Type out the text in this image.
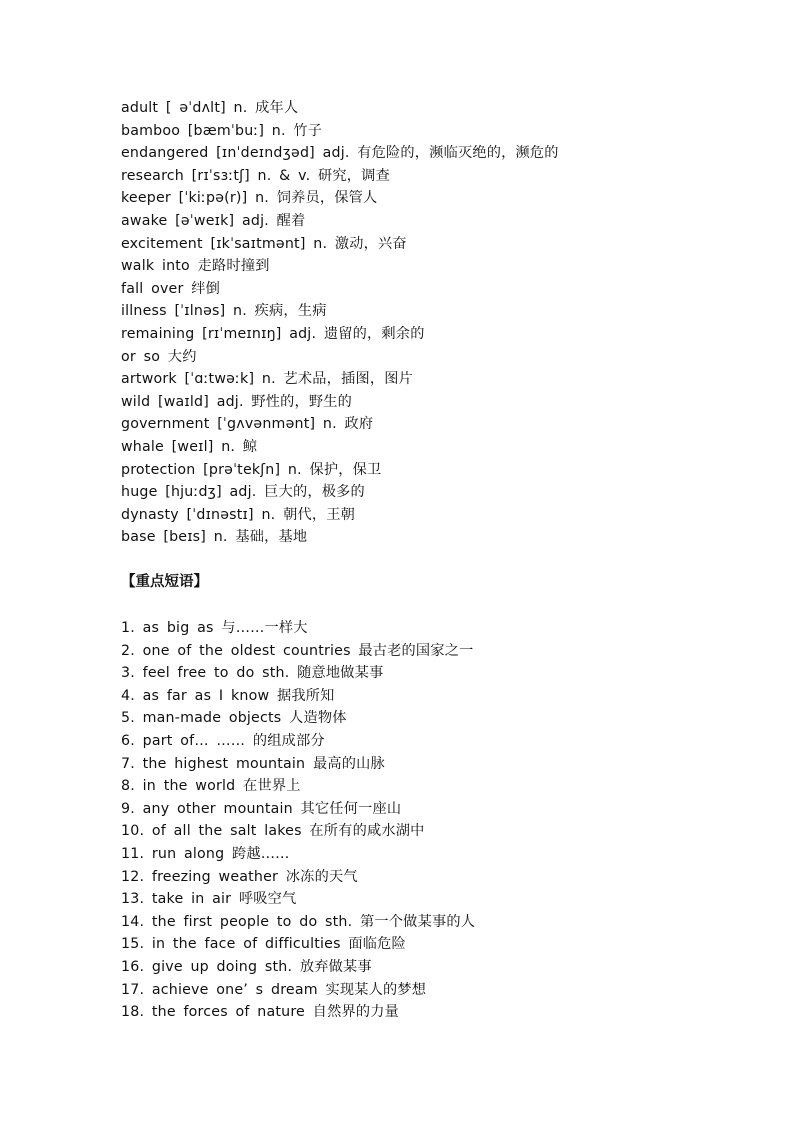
adult [ əˈdʌlt] n. 成年人
bamboo [bæmˈbuː] n. 竹子
endangered [ɪnˈdeɪndʒəd] adj. 有危险的，濒临灭绝的，濒危的
research [rɪˈsɜːtʃ] n. & v. 研究，调查
keeper [ˈkiːpə(r)] n. 饲养员，保管人
awake [əˈweɪk] adj. 醒着
excitement [ɪkˈsaɪtmənt] n. 激动，兴奋
walk into 走路时撞到
fall over 绊倒
illness [ˈɪlnəs] n. 疾病，生病
remaining [rɪˈmeɪnɪŋ] adj. 遗留的，剩余的
or so 大约
artwork [ˈɑːtwəːk] n. 艺术品，插图，图片
wild [waɪld] adj. 野性的，野生的
government [ˈgʌvənmənt] n. 政府
whale [weɪl] n. 鲸
protection [prəˈtekʃn] n. 保护，保卫
huge [hjuːdʒ] adj. 巨大的，极多的
dynasty [ˈdɪnəstɪ] n. 朝代，王朝
base [beɪs] n. 基础，基地
【重点短语】
1. as big as 与……一样大
2. one of the oldest countries 最古老的国家之一
3. feel free to do sth. 随意地做某事
4. as far as I know 据我所知
5. man-made objects 人造物体
6. part of… …… 的组成部分
7. the highest mountain 最高的山脉
8. in the world 在世界上
9. any other mountain 其它任何一座山
10. of all the salt lakes 在所有的咸水湖中
11. run along 跨越……
12. freezing weather 冰冻的天气
13. take in air 呼吸空气
14. the first people to do sth. 第一个做某事的人
15. in the face of difficulties 面临危险
16. give up doing sth. 放弃做某事
17. achieve one’ s dream 实现某人的梦想
18. the forces of nature 自然界的力量
